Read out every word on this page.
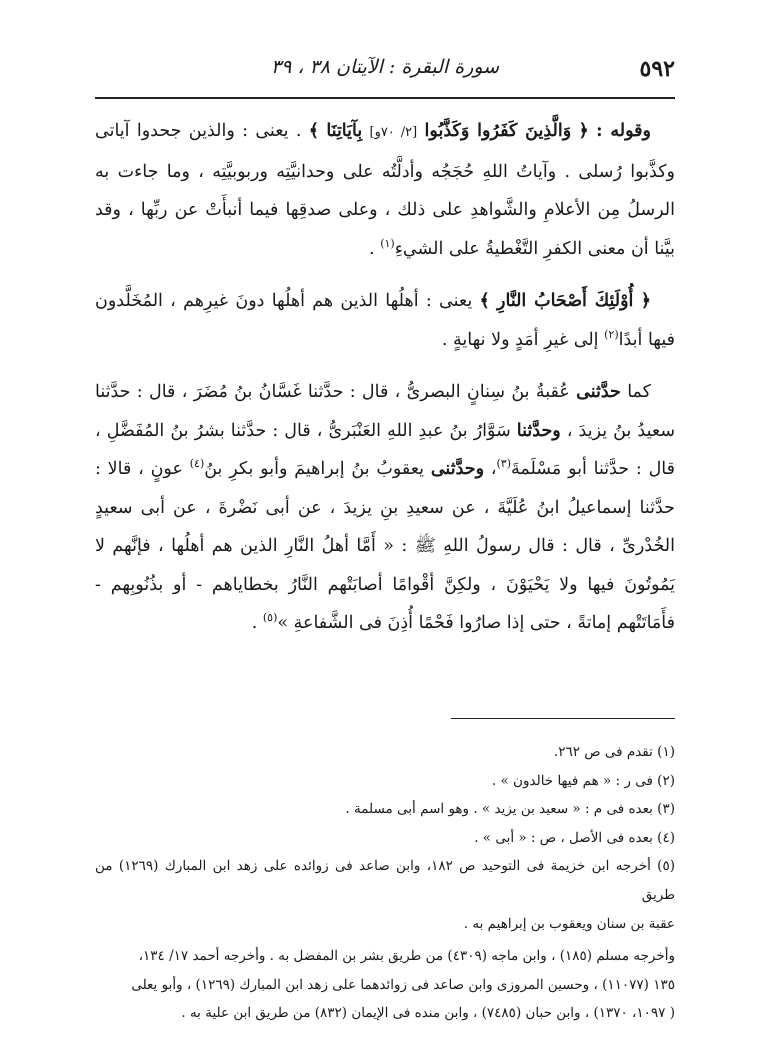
٥٩٢
سورة البقرة : الآيتان ٣٨ ، ٣٩

وقوله : ﴿ وَالَّذِينَ كَفَرُوا وَكَذَّبُوا [٢/ ٧٠و] بِآيَاتِنَا ﴾ . يعنى : والذين جحدوا آياتى وكذَّبوا رُسلى . وآياتُ اللهِ حُجَجُه وأدلَّتُه على وحدانيَّتِه وربوبيَّتِه ، وما جاءت به الرسلُ مِن الأعلامِ والشَّواهدِ على ذلك ، وعلى صدقِها فيما أنبأَتْ عن ربِّها ، وقد بيَّنا أن معنى الكفرِ التَّغْطيةُ على الشيءِ$^{(١)}$ .

﴿ أُوْلَئِكَ أَصْحَابُ النَّارِ ﴾ يعنى : أهلُها الذين هم أهلُها دونَ غيرِهم ، المُخَلَّدون فيها أبدًا$^{(٢)}$ إلى غيرِ أمَدٍ ولا نهايةٍ .

كما حدَّثنى عُقبةُ بنُ سِنانٍ البصرىُّ ، قال : حدَّثنا غَسَّانُ بنُ مُضَرَ ، قال : حدَّثنا سعيدُ بنُ يزيدَ ، وحدَّثنا سَوَّارُ بنُ عبدِ اللهِ العَنْبَرىُّ ، قال : حدَّثنا بشرُ بنُ المُفَضَّلِ ، قال : حدَّثنا أبو مَسْلَمةَ$^{(٣)}$، وحدَّثنى يعقوبُ بنُ إبراهيمَ وأبو بكرِ بنُ$^{(٤)}$ عونٍ ، قالا : حدَّثنا إسماعيلُ ابنُ عُلَيَّةَ ، عن سعيدِ بنِ يزيدَ ، عن أبى نَضْرةَ ، عن أبى سعيدٍ الخُدْرىِّ ، قال : قال رسولُ اللهِ ﷺ : « أَمَّا أهلُ النَّارِ الذين هم أهلُها ، فإنَّهم لا يَمُوتُونَ فيها ولا يَحْيَوْنَ ، ولكِنَّ أقْوامًا أصابَتْهم النَّارُ بخطاياهم - أو بذُنُوبِهم - فأَمَاتَتْهم إماتةً ، حتى إذا صارُوا فَحْمًا أُذِنَ فى الشَّفاعةِ »$^{(٥)}$ .

(١) تقدم فى ص ٢٦٢.

(٢) فى ر : « هم فيها خالدون » .

(٣) بعده فى م : « سعيد بن يزيد » . وهو اسم أبى مسلمة .

(٤) بعده فى الأصل ، ص : « أبى » .

(٥) أخرجه ابن خزيمة فى التوحيد ص ١٨٢، وابن صاعد فى زوائده على زهد ابن المبارك (١٢٦٩) من طريق

عقبة بن سنان ويعقوب بن إبراهيم به .

وأخرجه مسلم (١٨٥) ، وابن ماجه (٤٣٠٩) من طريق بشر بن المفضل به . وأخرجه أحمد ١٧/ ١٣٤،

١٣٥ (١١٠٧٧) ، وحسين المروزى وابن صاعد فى زوائدهما على زهد ابن المبارك (١٢٦٩) ، وأبو يعلى

( ١٠٩٧، ١٣٧٠) ، وابن حبان (٧٤٨٥) ، وابن منده فى الإيمان (٨٣٢) من طريق ابن علية به .
